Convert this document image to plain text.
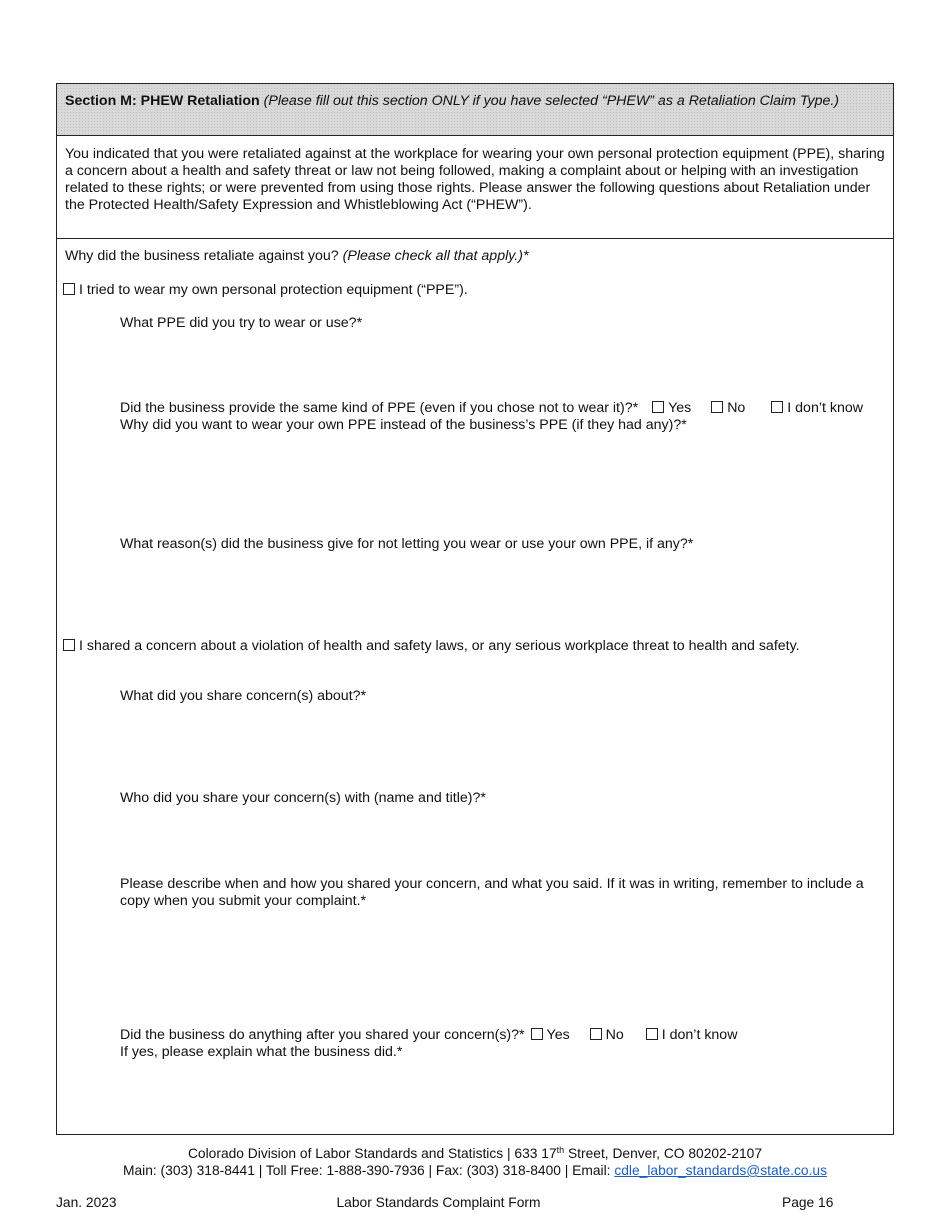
Section M: PHEW Retaliation (Please fill out this section ONLY if you have selected “PHEW” as a Retaliation Claim Type.)
You indicated that you were retaliated against at the workplace for wearing your own personal protection equipment (PPE), sharing a concern about a health and safety threat or law not being followed, making a complaint about or helping with an investigation related to these rights; or were prevented from using those rights. Please answer the following questions about Retaliation under the Protected Health/Safety Expression and Whistleblowing Act (“PHEW”).
Why did the business retaliate against you? (Please check all that apply.)*
I tried to wear my own personal protection equipment (“PPE”).
What PPE did you try to wear or use?*
Did the business provide the same kind of PPE (even if you chose not to wear it)?* Yes	No	I don’t know
Why did you want to wear your own PPE instead of the business’s PPE (if they had any)?*
What reason(s) did the business give for not letting you wear or use your own PPE, if any?*
I shared a concern about a violation of health and safety laws, or any serious workplace threat to health and safety.
What did you share concern(s) about?*
Who did you share your concern(s) with (name and title)?*
Please describe when and how you shared your concern, and what you said. If it was in writing, remember to include a copy when you submit your complaint.*
Did the business do anything after you shared your concern(s)?* Yes	No	I don’t know
If yes, please explain what the business did.*
Colorado Division of Labor Standards and Statistics | 633 17th Street, Denver, CO 80202-2107
Main: (303) 318-8441 | Toll Free: 1-888-390-7936 | Fax: (303) 318-8400 | Email: cdle_labor_standards@state.co.us
Jan. 2023	Labor Standards Complaint Form	Page 16
